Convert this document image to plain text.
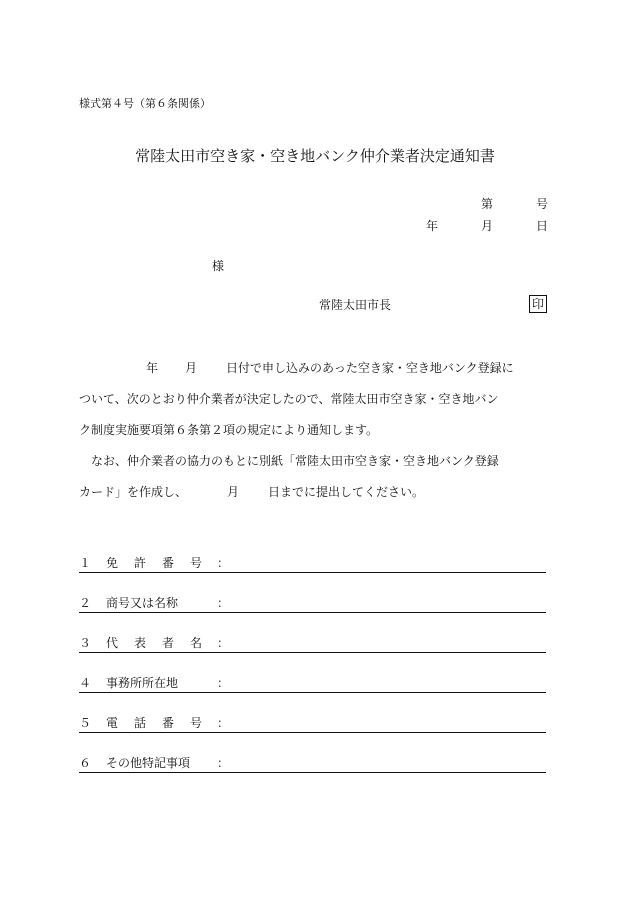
様式第４号（第６条関係）
常陸太田市空き家・空き地バンク仲介業者決定通知書
第	号
年	月	日
様
常陸太田市長	印
年 月 日付で申し込みのあった空き家・空き地バンク登録に
ついて、次のとおり仲介業者が決定したので、常陸太田市空き家・空き地バン
ク制度実施要項第６条第２項の規定により通知します。
なお、仲介業者の協力のもとに別紙「常陸太田市空き家・空き地バンク登録
カード」を作成し、	月 日までに提出してください。
１ 免 許 番 号 ：
２ 商号又は名称	：
３ 代 表 者 名 ：
４ 事務所所在地	：
５ 電 話 番 号 ：
６ その他特記事項	：
